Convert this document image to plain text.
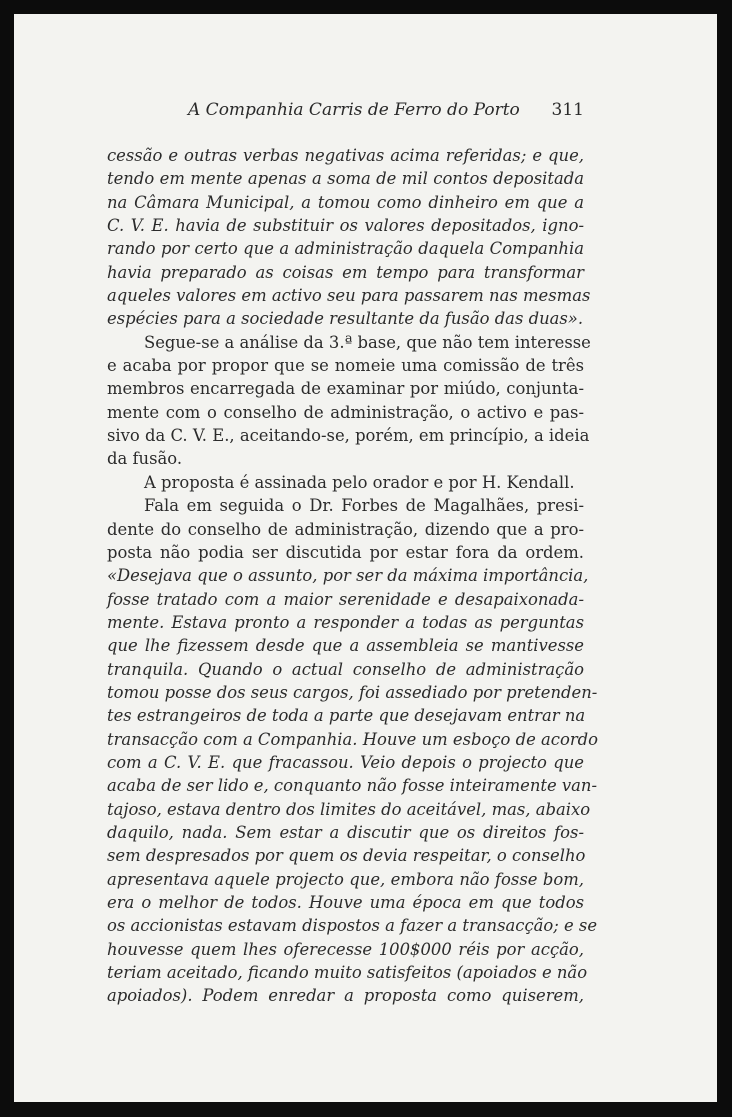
A Companhia Carris de Ferro do Porto 311
cessão e outras verbas negativas acima referidas; e que,
tendo em mente apenas a soma de mil contos depositada
na Câmara Municipal, a tomou como dinheiro em que a
C. V. E. havia de substituir os valores depositados, igno-
rando por certo que a administração daquela Companhia
havia preparado as coisas em tempo para transformar
aqueles valores em activo seu para passarem nas mesmas
espécies para a sociedade resultante da fusão das duas».
Segue-se a análise da 3.ª base, que não tem interesse
e acaba por propor que se nomeie uma comissão de três
membros encarregada de examinar por miúdo, conjunta-
mente com o conselho de administração, o activo e pas-
sivo da C. V. E., aceitando-se, porém, em princípio, a ideia
da fusão.
A proposta é assinada pelo orador e por H. Kendall.
Fala em seguida o Dr. Forbes de Magalhães, presi-
dente do conselho de administração, dizendo que a pro-
posta não podia ser discutida por estar fora da ordem.
«Desejava que o assunto, por ser da máxima importância,
fosse tratado com a maior serenidade e desapaixonada-
mente. Estava pronto a responder a todas as perguntas
que lhe fizessem desde que a assembleia se mantivesse
tranquila. Quando o actual conselho de administração
tomou posse dos seus cargos, foi assediado por pretenden-
tes estrangeiros de toda a parte que desejavam entrar na
transacção com a Companhia. Houve um esboço de acordo
com a C. V. E. que fracassou. Veio depois o projecto que
acaba de ser lido e, conquanto não fosse inteiramente van-
tajoso, estava dentro dos limites do aceitável, mas, abaixo
daquilo, nada. Sem estar a discutir que os direitos fos-
sem despresados por quem os devia respeitar, o conselho
apresentava aquele projecto que, embora não fosse bom,
era o melhor de todos. Houve uma época em que todos
os accionistas estavam dispostos a fazer a transacção; e se
houvesse quem lhes oferecesse 100$000 réis por acção,
teriam aceitado, ficando muito satisfeitos (apoiados e não
apoiados). Podem enredar a proposta como quiserem,
